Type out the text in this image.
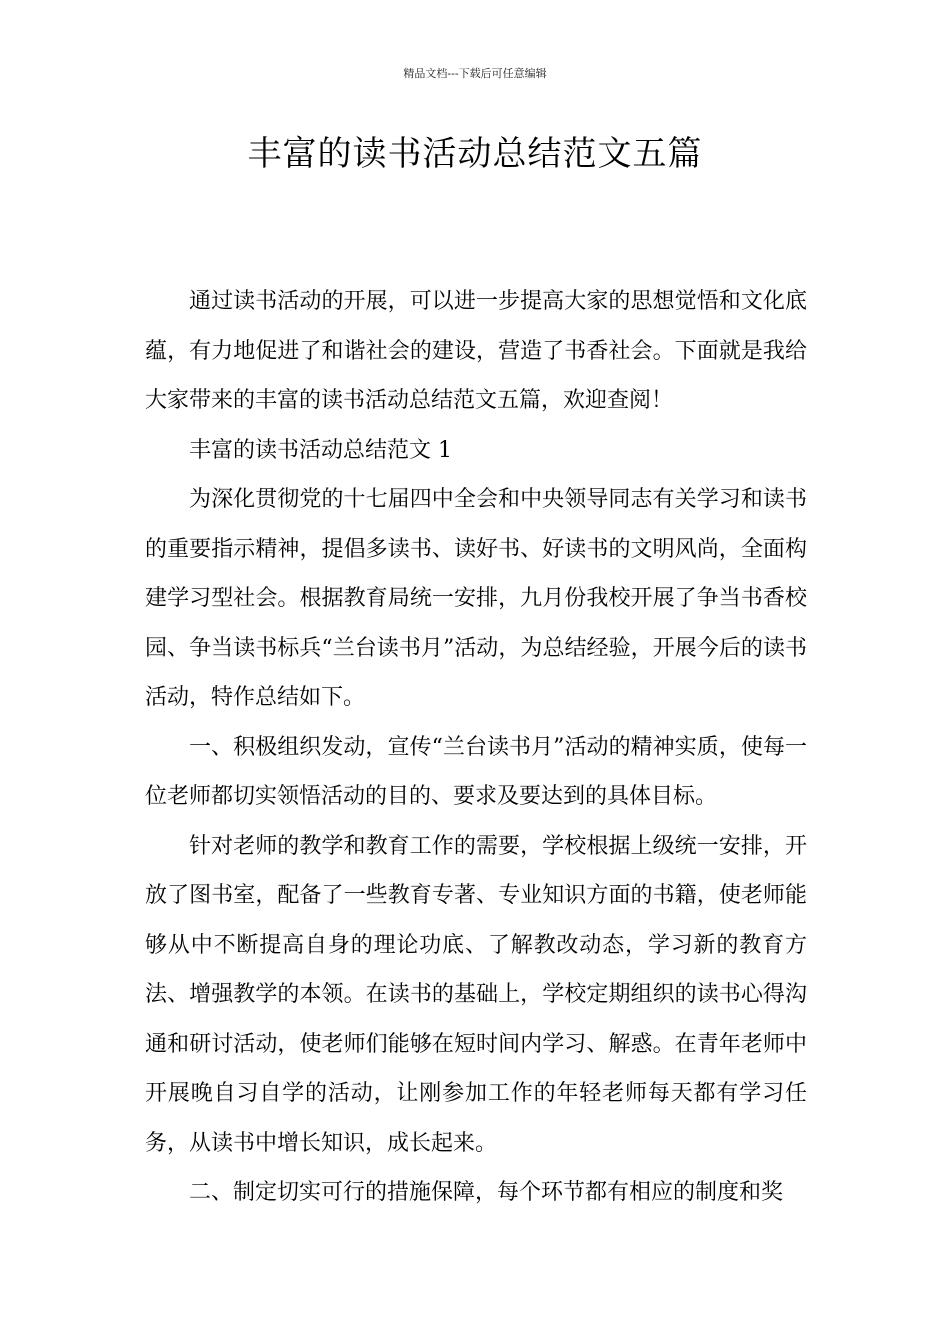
精品文档---下载后可任意编辑
丰富的读书活动总结范文五篇

通过读书活动的开展，可以进一步提高大家的思想觉悟和文化底蕴，有力地促进了和谐社会的建设，营造了书香社会。下面就是我给大家带来的丰富的读书活动总结范文五篇，欢迎查阅！

丰富的读书活动总结范文 1

为深化贯彻党的十七届四中全会和中央领导同志有关学习和读书的重要指示精神，提倡多读书、读好书、好读书的文明风尚，全面构建学习型社会。根据教育局统一安排，九月份我校开展了争当书香校园、争当读书标兵“兰台读书月”活动，为总结经验，开展今后的读书活动，特作总结如下。

一、积极组织发动，宣传“兰台读书月”活动的精神实质，使每一位老师都切实领悟活动的目的、要求及要达到的具体目标。

针对老师的教学和教育工作的需要，学校根据上级统一安排，开放了图书室，配备了一些教育专著、专业知识方面的书籍，使老师能够从中不断提高自身的理论功底、了解教改动态，学习新的教育方法、增强教学的本领。在读书的基础上，学校定期组织的读书心得沟通和研讨活动，使老师们能够在短时间内学习、解惑。在青年老师中开展晚自习自学的活动，让刚参加工作的年轻老师每天都有学习任务，从读书中增长知识，成长起来。

二、制定切实可行的措施保障，每个环节都有相应的制度和奖
